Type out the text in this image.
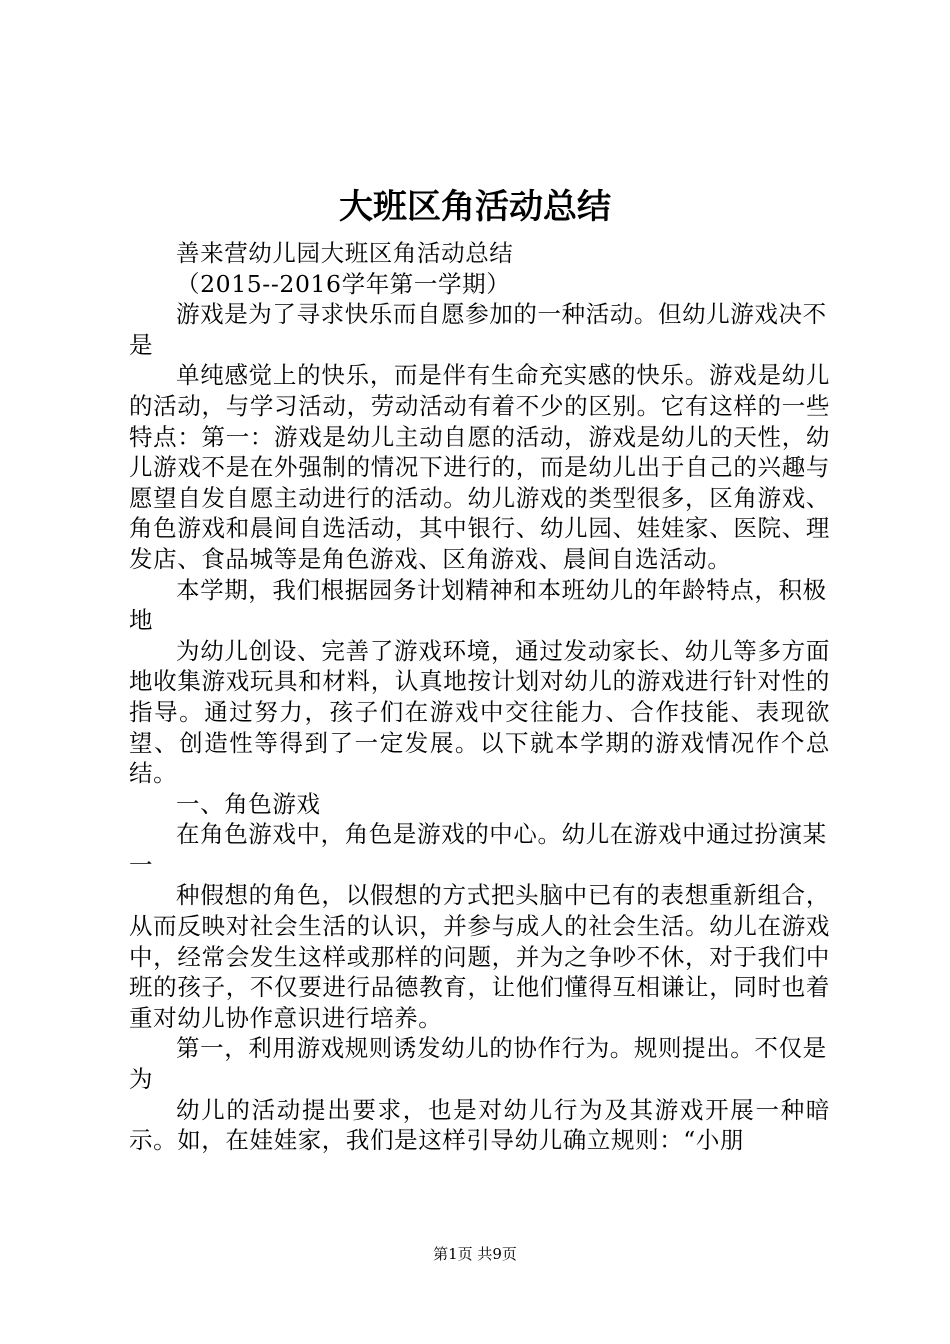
大班区角活动总结

善来营幼儿园大班区角活动总结

（2015--2016学年第一学期）

游戏是为了寻求快乐而自愿参加的一种活动。但幼儿游戏决不是

单纯感觉上的快乐，而是伴有生命充实感的快乐。游戏是幼儿的活动，与学习活动，劳动活动有着不少的区别。它有这样的一些特点：第一：游戏是幼儿主动自愿的活动，游戏是幼儿的天性，幼儿游戏不是在外强制的情况下进行的，而是幼儿出于自己的兴趣与愿望自发自愿主动进行的活动。幼儿游戏的类型很多，区角游戏、角色游戏和晨间自选活动，其中银行、幼儿园、娃娃家、医院、理发店、食品城等是角色游戏、区角游戏、晨间自选活动。

本学期，我们根据园务计划精神和本班幼儿的年龄特点，积极地

为幼儿创设、完善了游戏环境，通过发动家长、幼儿等多方面地收集游戏玩具和材料，认真地按计划对幼儿的游戏进行针对性的指导。通过努力，孩子们在游戏中交往能力、合作技能、表现欲望、创造性等得到了一定发展。以下就本学期的游戏情况作个总结。

一、角色游戏

在角色游戏中，角色是游戏的中心。幼儿在游戏中通过扮演某一

种假想的角色，以假想的方式把头脑中已有的表想重新组合，从而反映对社会生活的认识，并参与成人的社会生活。幼儿在游戏中，经常会发生这样或那样的问题，并为之争吵不休，对于我们中班的孩子，不仅要进行品德教育，让他们懂得互相谦让，同时也着重对幼儿协作意识进行培养。

第一，利用游戏规则诱发幼儿的协作行为。规则提出。不仅是为

幼儿的活动提出要求，也是对幼儿行为及其游戏开展一种暗示。如，在娃娃家，我们是这样引导幼儿确立规则：“小朋

第1页 共9页
